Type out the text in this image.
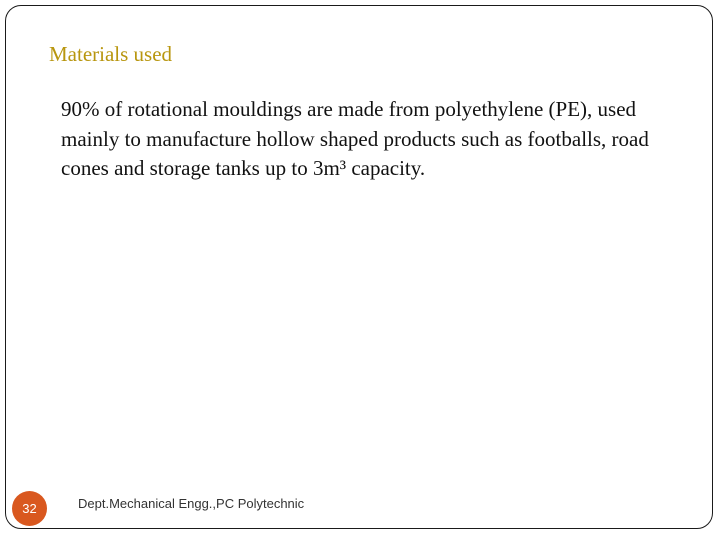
Materials used
90% of rotational mouldings are made from polyethylene (PE), used mainly to manufacture hollow shaped products such as footballs, road cones and storage tanks up to 3m³ capacity.
32	Dept.Mechanical Engg.,PC Polytechnic
